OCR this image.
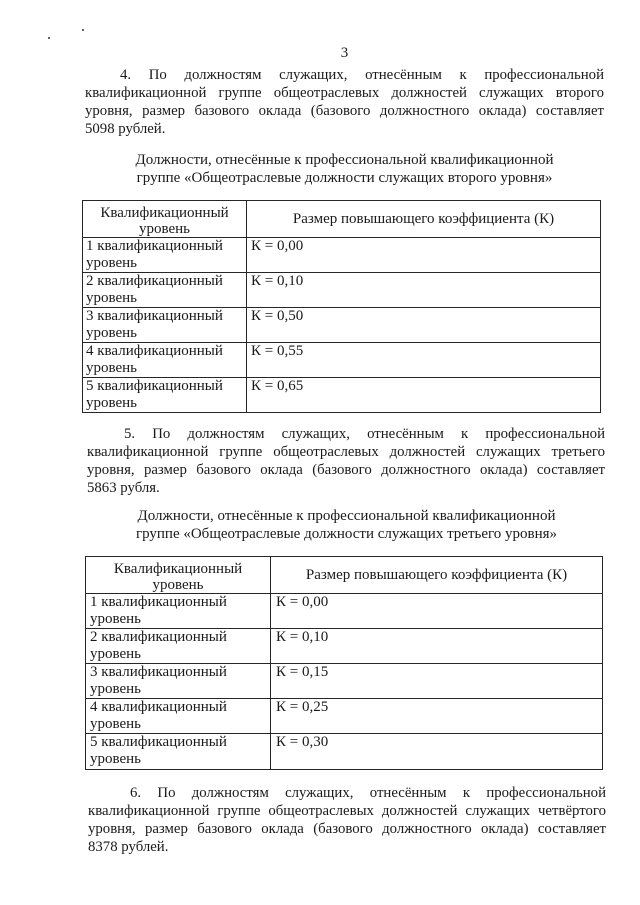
3
4. По должностям служащих, отнесённым к профессиональной
квалификационной группе общеотраслевых должностей служащих второго
уровня, размер базового оклада (базового должностного оклада) составляет
5098 рублей.
Должности, отнесённые к профессиональной квалификационной
группе «Общеотраслевые должности служащих второго уровня»
Квалификационный уровень	Размер повышающего коэффициента (К)

1 квалификационный уровень	К = 0,00

2 квалификационный уровень	К = 0,10

3 квалификационный уровень	К = 0,50

4 квалификационный уровень	К = 0,55

5 квалификационный уровень	К = 0,65
5. По должностям служащих, отнесённым к профессиональной
квалификационной группе общеотраслевых должностей служащих третьего
уровня, размер базового оклада (базового должностного оклада) составляет
5863 рубля.
Должности, отнесённые к профессиональной квалификационной
группе «Общеотраслевые должности служащих третьего уровня»
Квалификационный уровень	Размер повышающего коэффициента (К)

1 квалификационный уровень	К = 0,00

2 квалификационный уровень	К = 0,10

3 квалификационный уровень	К = 0,15

4 квалификационный уровень	К = 0,25

5 квалификационный уровень	К = 0,30
6. По должностям служащих, отнесённым к профессиональной
квалификационной группе общеотраслевых должностей служащих четвёртого
уровня, размер базового оклада (базового должностного оклада) составляет
8378 рублей.
